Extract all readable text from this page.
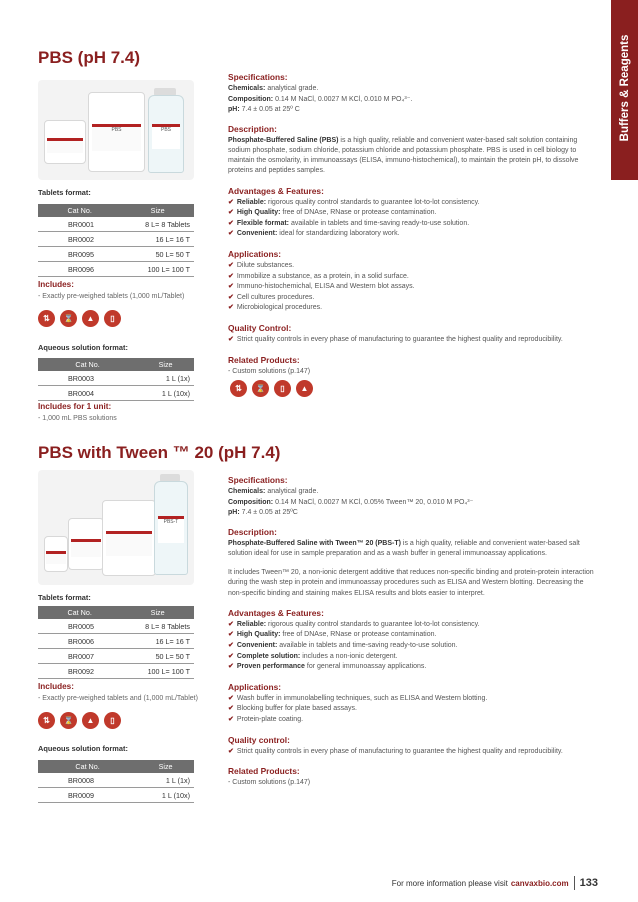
Buffers & Reagents
PBS (pH 7.4)
PBS	PBS
Tablets format:
Cat No.	Size
BR0001	8 L= 8 Tablets
BR0002	16 L= 16 T
BR0095	50 L= 50 T
BR0096	100 L= 100 T
Includes:
- Exactly pre-weighed tablets (1,000 mL/Tablet)
⇅	⌛	▲	▯
Aqueous solution format:
Cat No.	Size
BR0003	1 L (1x)
BR0004	1 L (10x)
Includes for 1 unit:
- 1,000 mL PBS solutions

Specifications:

Chemicals: analytical grade.

Composition: 0.14 M NaCl, 0.0027 M KCl, 0.010 M PO₄³⁻.

pH: 7.4 ± 0.05 at 25º C

Description:

Phosphate-Buffered Saline (PBS) is a high quality, reliable and convenient water-based salt solution containing sodium phosphate, sodium chloride, potassium chloride and potassium phosphate. PBS is used in cell biology to maintain the osmolarity, in immunoassays (ELISA, immuno-histochemical), to maintain the protein pH, to dissolve proteins and peptides samples.

Advantages & Features:

✔ Reliable: rigorous quality control standards to guarantee lot-to-lot consistency.

✔ High Quality: free of DNAse, RNase or protease contamination.

✔ Flexible format: available in tablets and time-saving ready-to-use solution.

✔ Convenient: ideal for standardizing laboratory work.

Applications:

✔ Dilute substances.

✔ Immobilize a substance, as a protein, in a solid surface.

✔ Immuno-histochemichal, ELISA and Western blot assays.

✔ Cell cultures procedures.

✔ Microbiological procedures.

Quality Control:

✔ Strict quality controls in every phase of manufacturing to guarantee the highest quality and reproducibility.

Related Products:

- Custom solutions (p.147)

⇅	⌛	▯	▲
PBS with Tween ™ 20 (pH 7.4)
PBS-T
Tablets format:
Cat No.	Size
BR0005	8 L= 8 Tablets
BR0006	16 L= 16 T
BR0007	50 L= 50 T
BR0092	100 L= 100 T
Includes:
- Exactly pre-weighed tablets and (1,000 mL/Tablet)
⇅	⌛	▲	▯
Aqueous solution format:
Cat No.	Size
BR0008	1 L (1x)
BR0009	1 L (10x)

Specifications:

Chemicals: analytical grade.

Composition: 0.14 M NaCl, 0.0027 M KCl, 0.05% Tween™ 20, 0.010 M PO₄³⁻

pH: 7.4 ± 0.05 at 25ºC

Description:

Phosphate-Buffered Saline with Tween™ 20 (PBS-T) is a high quality, reliable and convenient water-based salt solution ideal for use in sample preparation and as a wash buffer in general immunoassay applications.

It includes Tween™ 20, a non-ionic detergent additive that reduces non-specific binding and protein-protein interaction during the wash step in protein and immunoassay procedures such as ELISA and Western blotting. Decreasing the non-specific binding and staining makes ELISA results and blots easier to interpret.

Advantages & Features:

✔ Reliable: rigorous quality control standards to guarantee lot-to-lot consistency.

✔ High Quality: free of DNAse, RNase or protease contamination.

✔ Convenient: available in tablets and time-saving ready-to-use solution.

✔ Complete solution: includes a non-ionic detergent.

✔ Proven performance for general immunoassay applications.

Applications:

✔ Wash buffer in immunolabelling techniques, such as ELISA and Western blotting.

✔ Blocking buffer for plate based assays.

✔ Protein-plate coating.

Quality control:

✔ Strict quality controls in every phase of manufacturing to guarantee the highest quality and reproducibility.

Related Products:

- Custom solutions (p.147)

For more information please visit canvaxbio.com 133
